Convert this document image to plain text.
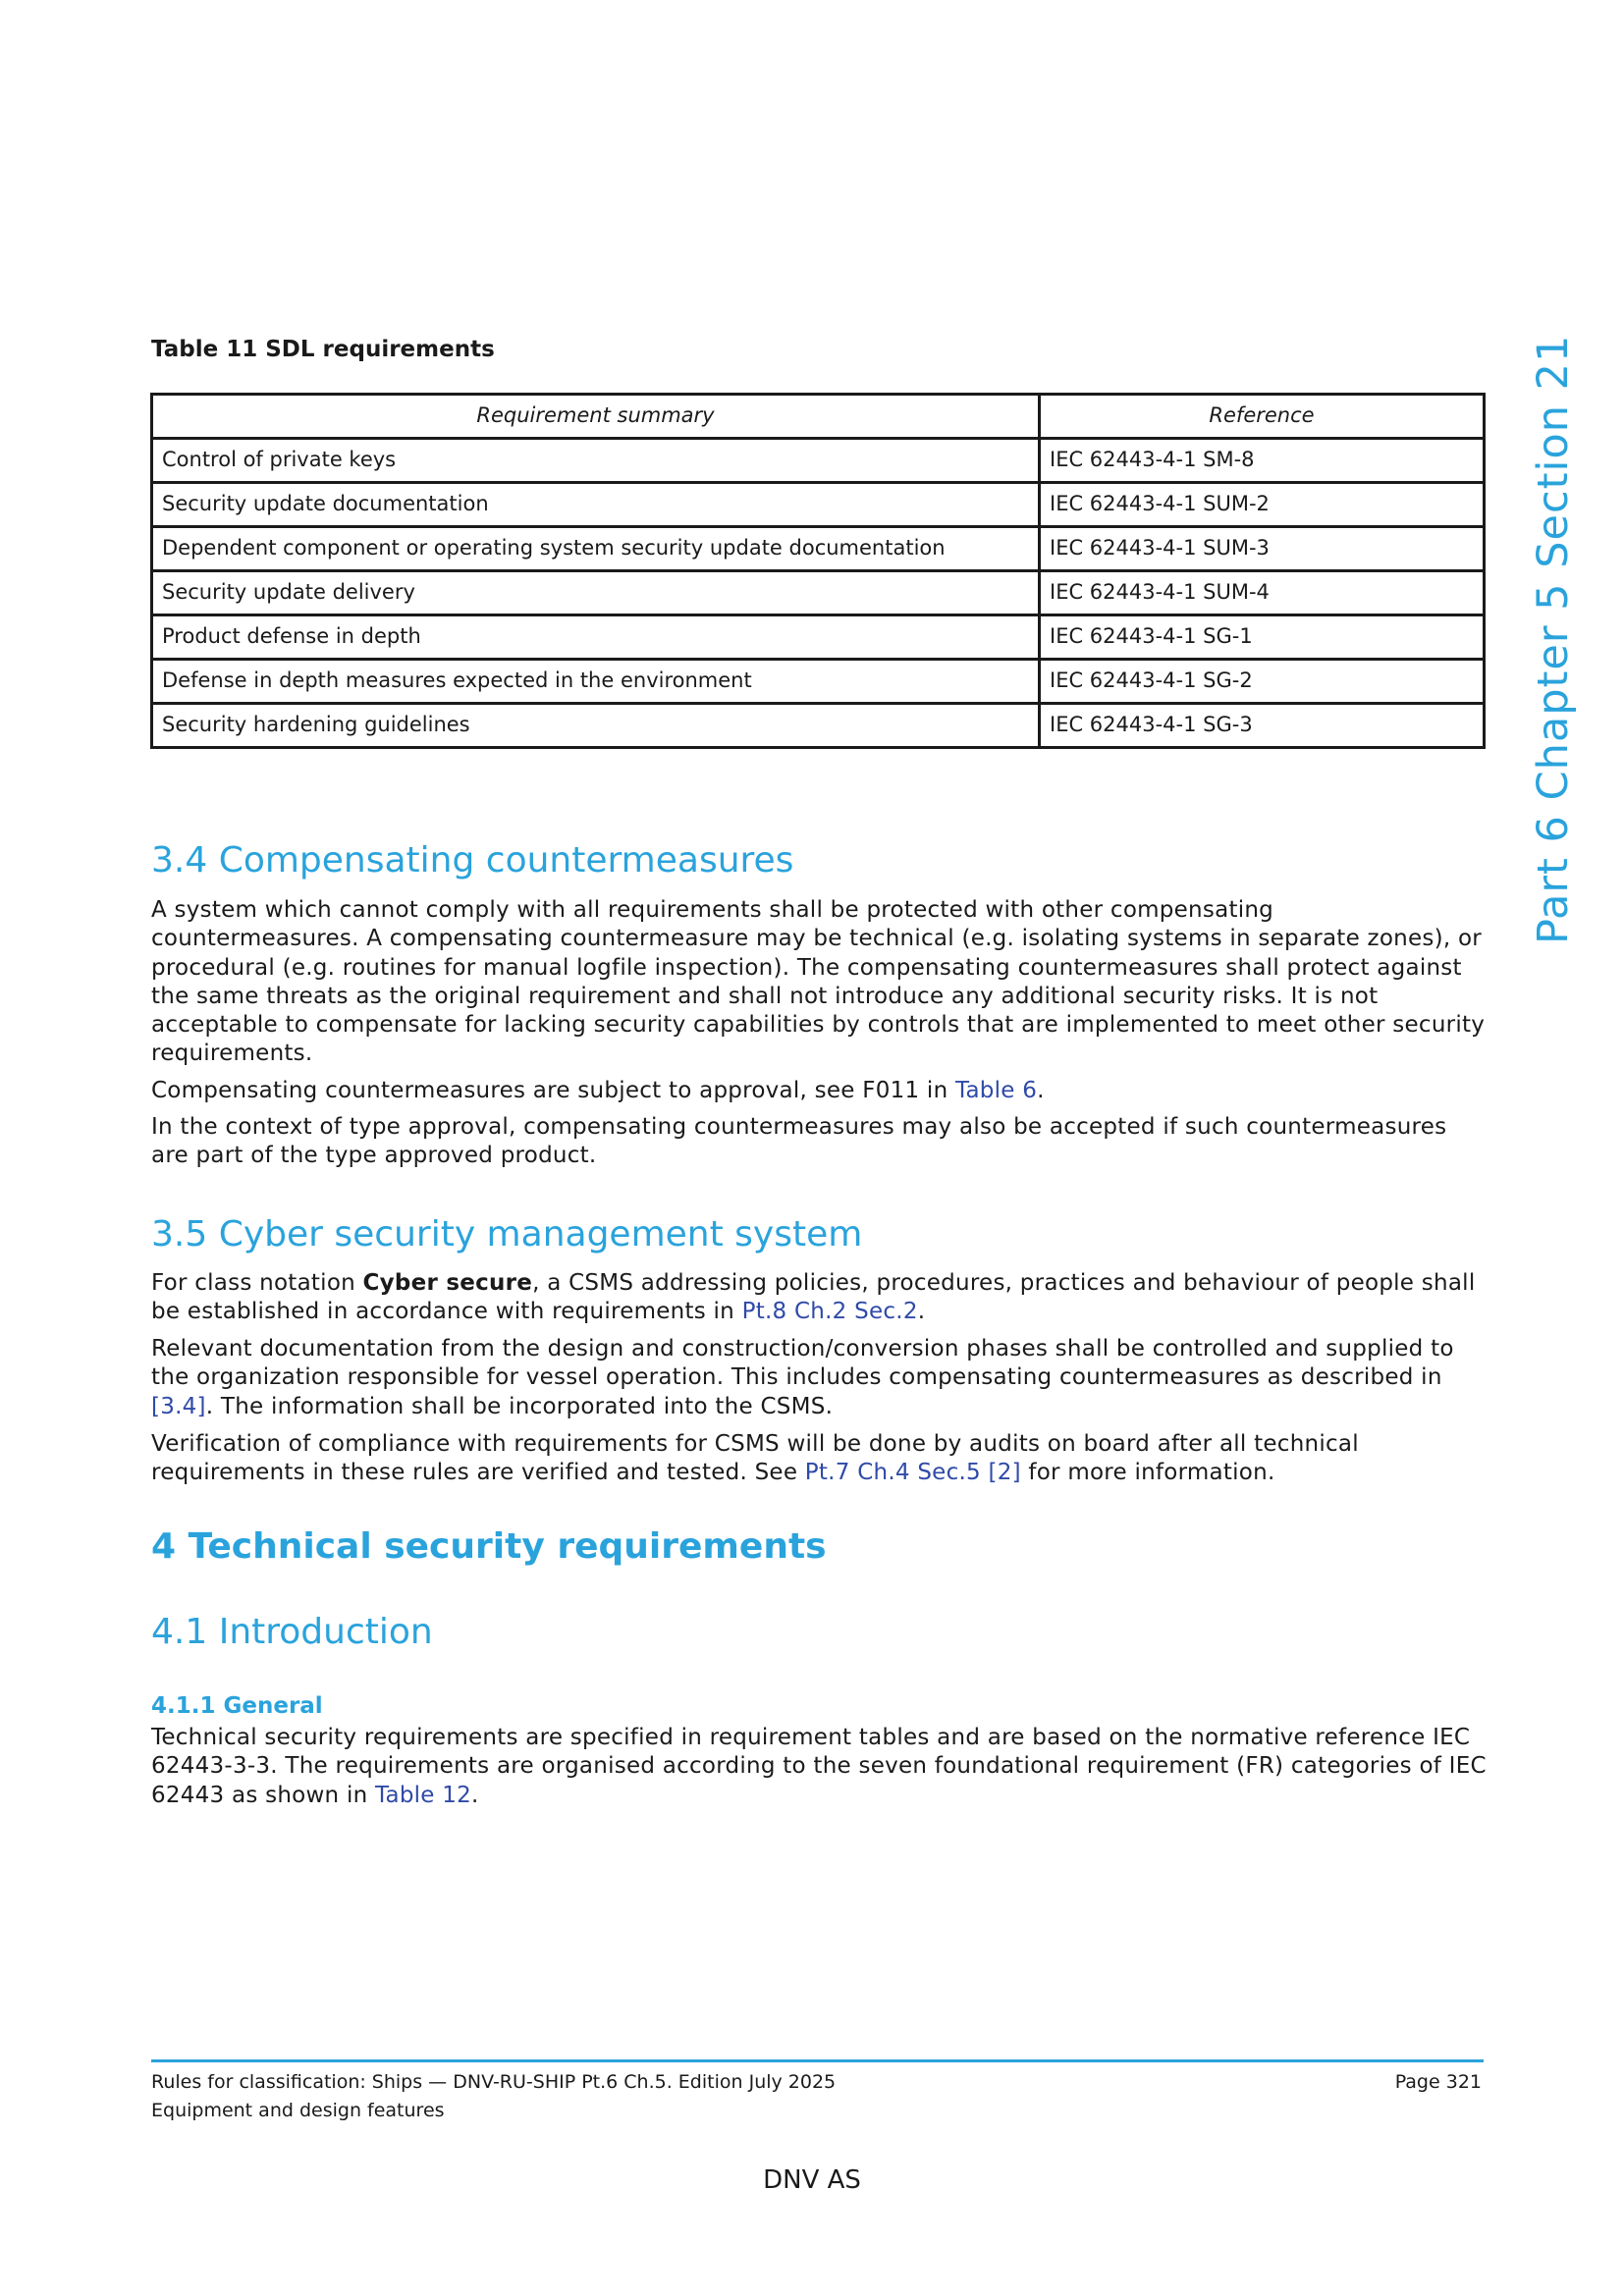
Part 6 Chapter 5 Section 21
Table 11 SDL requirements
Requirement summary	Reference
Control of private keys	IEC 62443-4-1 SM-8
Security update documentation	IEC 62443-4-1 SUM-2
Dependent component or operating system security update documentation	IEC 62443-4-1 SUM-3
Security update delivery	IEC 62443-4-1 SUM-4
Product defense in depth	IEC 62443-4-1 SG-1
Defense in depth measures expected in the environment	IEC 62443-4-1 SG-2
Security hardening guidelines	IEC 62443-4-1 SG-3
3.4 Compensating countermeasures

A system which cannot comply with all requirements shall be protected with other compensating countermeasures. A compensating countermeasure may be technical (e.g. isolating systems in separate zones), or procedural (e.g. routines for manual logfile inspection). The compensating countermeasures shall protect against the same threats as the original requirement and shall not introduce any additional security risks. It is not acceptable to compensate for lacking security capabilities by controls that are implemented to meet other security requirements.

Compensating countermeasures are subject to approval, see F011 in Table 6.

In the context of type approval, compensating countermeasures may also be accepted if such countermeasures are part of the type approved product.

3.5 Cyber security management system

For class notation Cyber secure, a CSMS addressing policies, procedures, practices and behaviour of people shall be established in accordance with requirements in Pt.8 Ch.2 Sec.2.

Relevant documentation from the design and construction/conversion phases shall be controlled and supplied to the organization responsible for vessel operation. This includes compensating countermeasures as described in [3.4]. The information shall be incorporated into the CSMS.

Verification of compliance with requirements for CSMS will be done by audits on board after all technical requirements in these rules are verified and tested. See Pt.7 Ch.4 Sec.5 [2] for more information.

4 Technical security requirements
4.1 Introduction
4.1.1 General

Technical security requirements are specified in requirement tables and are based on the normative reference IEC 62443-3-3. The requirements are organised according to the seven foundational requirement (FR) categories of IEC 62443 as shown in Table 12.

Rules for classification: Ships — DNV-RU-SHIP Pt.6 Ch.5. Edition July 2025
Equipment and design features
Page 321
DNV AS
